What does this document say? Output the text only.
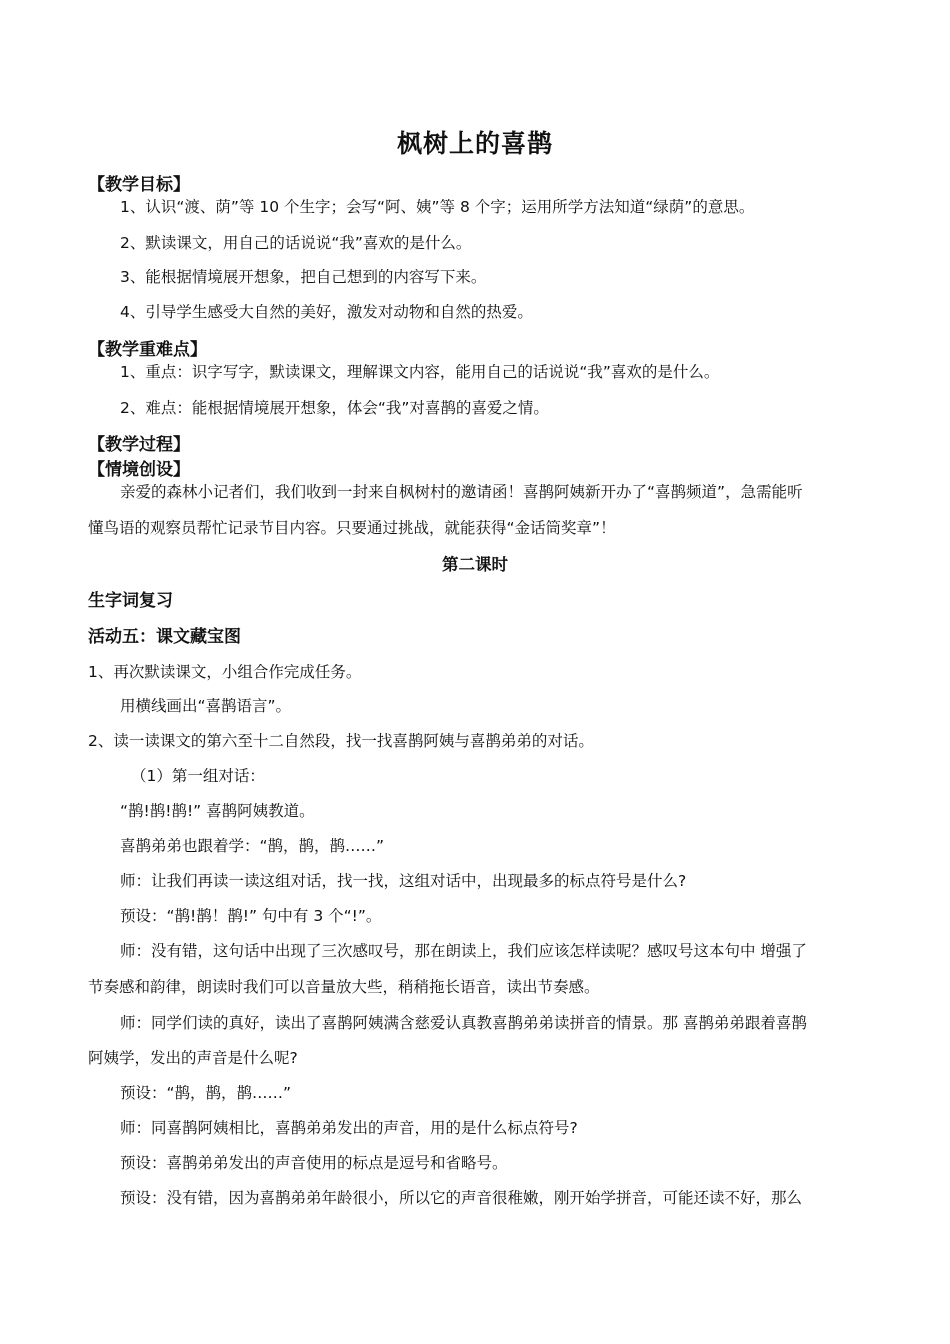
枫树上的喜鹊
【教学目标】
1、认识“渡、荫”等 10 个生字；会写“阿、姨”等 8 个字；运用所学方法知道“绿荫”的意思。
2、默读课文，用自己的话说说“我”喜欢的是什么。
3、能根据情境展开想象，把自己想到的内容写下来。
4、引导学生感受大自然的美好，激发对动物和自然的热爱。
【教学重难点】
1、重点：识字写字，默读课文，理解课文内容，能用自己的话说说“我”喜欢的是什么。
2、难点：能根据情境展开想象，体会“我”对喜鹊的喜爱之情。
【教学过程】
【情境创设】
亲爱的森林小记者们，我们收到一封来自枫树村的邀请函！喜鹊阿姨新开办了“喜鹊频道”，急需能听
懂鸟语的观察员帮忙记录节目内容。只要通过挑战，就能获得“金话筒奖章”！
第二课时
生字词复习
活动五：课文藏宝图
1、再次默读课文，小组合作完成任务。
用横线画出“喜鹊语言”。
2、读一读课文的第六至十二自然段，找一找喜鹊阿姨与喜鹊弟弟的对话。
（1）第一组对话：
“鹊!鹊!鹊!” 喜鹊阿姨教道。
喜鹊弟弟也跟着学：“鹊，鹊，鹊……”
师：让我们再读一读这组对话，找一找，这组对话中，出现最多的标点符号是什么?
预设：“鹊!鹊！鹊!” 句中有 3 个“!”。
师：没有错，这句话中出现了三次感叹号，那在朗读上，我们应该怎样读呢？感叹号这本句中 增强了
节奏感和韵律，朗读时我们可以音量放大些，稍稍拖长语音，读出节奏感。
师：同学们读的真好，读出了喜鹊阿姨满含慈爱认真教喜鹊弟弟读拼音的情景。那 喜鹊弟弟跟着喜鹊
阿姨学，发出的声音是什么呢?
预设：“鹊，鹊，鹊……”
师：同喜鹊阿姨相比，喜鹊弟弟发出的声音，用的是什么标点符号?
预设：喜鹊弟弟发出的声音使用的标点是逗号和省略号。
预设：没有错，因为喜鹊弟弟年龄很小，所以它的声音很稚嫩，刚开始学拼音，可能还读不好，那么
